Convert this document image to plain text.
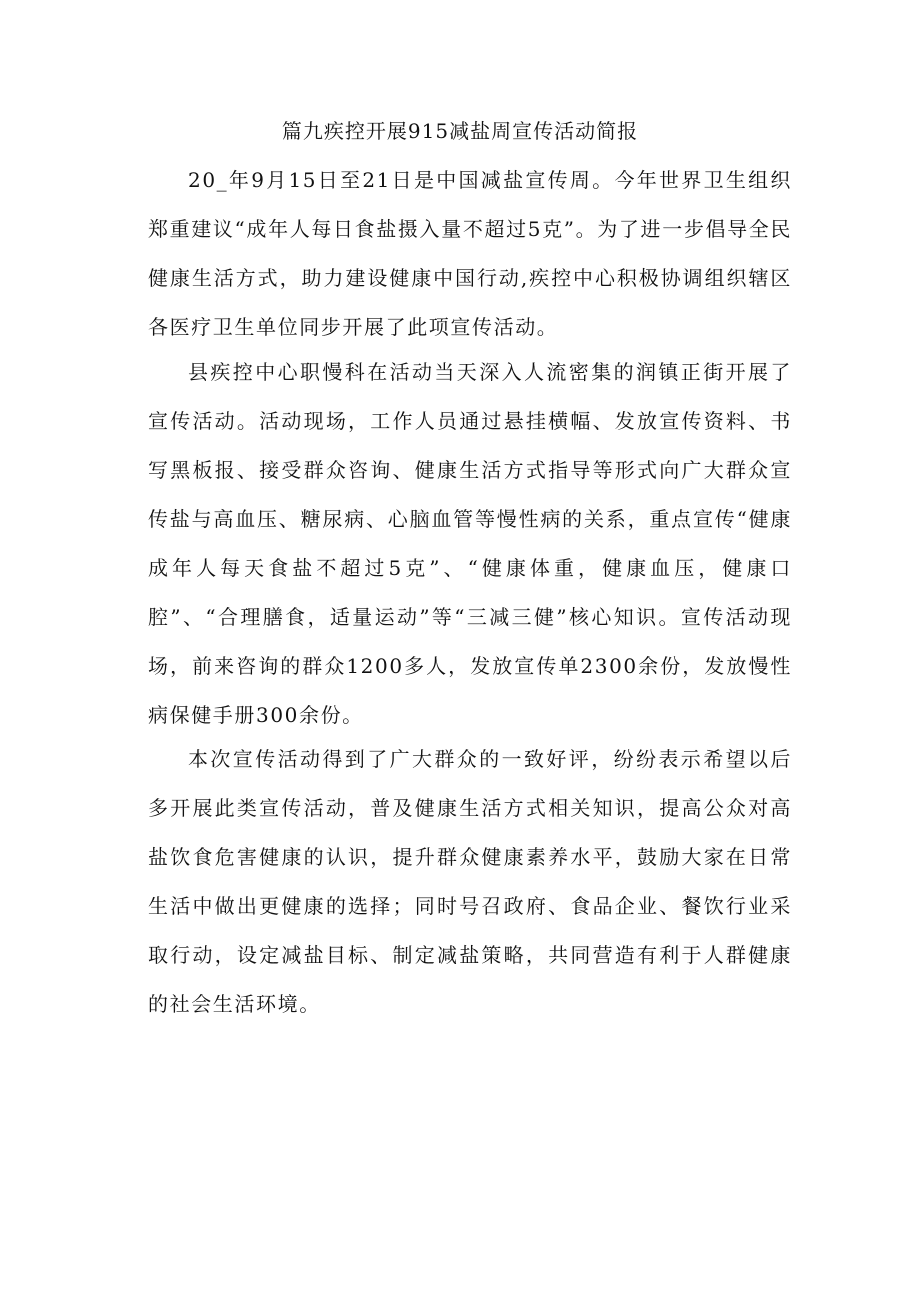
篇九疾控开展915减盐周宣传活动简报

20_年9月15日至21日是中国减盐宣传周。今年世界卫生组织郑重建议“成年人每日食盐摄入量不超过5克”。为了进一步倡导全民健康生活方式，助力建设健康中国行动,疾控中心积极协调组织辖区各医疗卫生单位同步开展了此项宣传活动。

县疾控中心职慢科在活动当天深入人流密集的润镇正街开展了宣传活动。活动现场，工作人员通过悬挂横幅、发放宣传资料、书写黑板报、接受群众咨询、健康生活方式指导等形式向广大群众宣传盐与高血压、糖尿病、心脑血管等慢性病的关系，重点宣传“健康成年人每天食盐不超过5克”、“健康体重，健康血压，健康口腔”、“合理膳食，适量运动”等“三减三健”核心知识。宣传活动现场，前来咨询的群众1200多人，发放宣传单2300余份，发放慢性病保健手册300余份。

本次宣传活动得到了广大群众的一致好评，纷纷表示希望以后多开展此类宣传活动，普及健康生活方式相关知识，提高公众对高盐饮食危害健康的认识，提升群众健康素养水平，鼓励大家在日常生活中做出更健康的选择；同时号召政府、食品企业、餐饮行业采取行动，设定减盐目标、制定减盐策略，共同营造有利于人群健康的社会生活环境。
